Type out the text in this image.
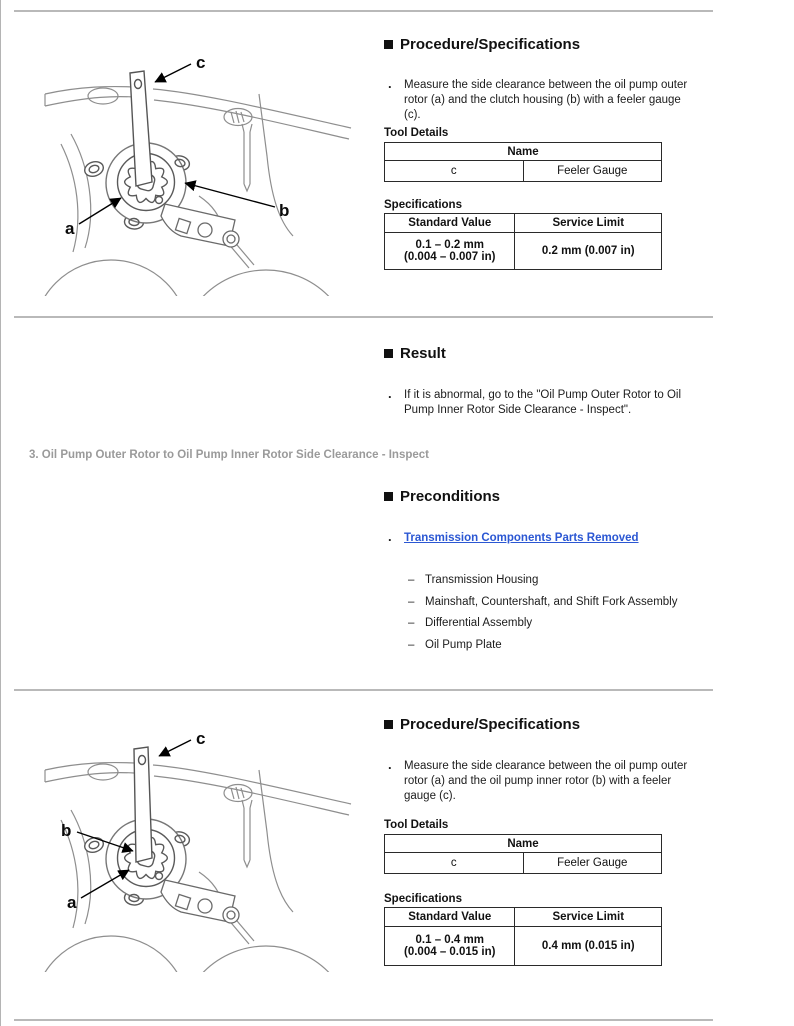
c
a
b
Procedure/Specifications
. Measure the side clearance between the oil pump outer rotor (a) and the clutch housing (b) with a feeler gauge (c).
Tool Details
Name
c	Feeler Gauge
Specifications
Standard Value	Service Limit

0.1 – 0.2 mm
(0.004 – 0.007 in)	0.2 mm (0.007 in)
Result
. If it is abnormal, go to the "Oil Pump Outer Rotor to Oil Pump Inner Rotor Side Clearance - Inspect".
3. Oil Pump Outer Rotor to Oil Pump Inner Rotor Side Clearance - Inspect
Preconditions
. Transmission Components Parts Removed
– Transmission Housing
– Mainshaft, Countershaft, and Shift Fork Assembly
– Differential Assembly
– Oil Pump Plate
c
b
a
Procedure/Specifications
. Measure the side clearance between the oil pump outer rotor (a) and the oil pump inner rotor (b) with a feeler gauge (c).
Tool Details
Name
c	Feeler Gauge
Specifications
Standard Value	Service Limit

0.1 – 0.4 mm
(0.004 – 0.015 in)	0.4 mm (0.015 in)
